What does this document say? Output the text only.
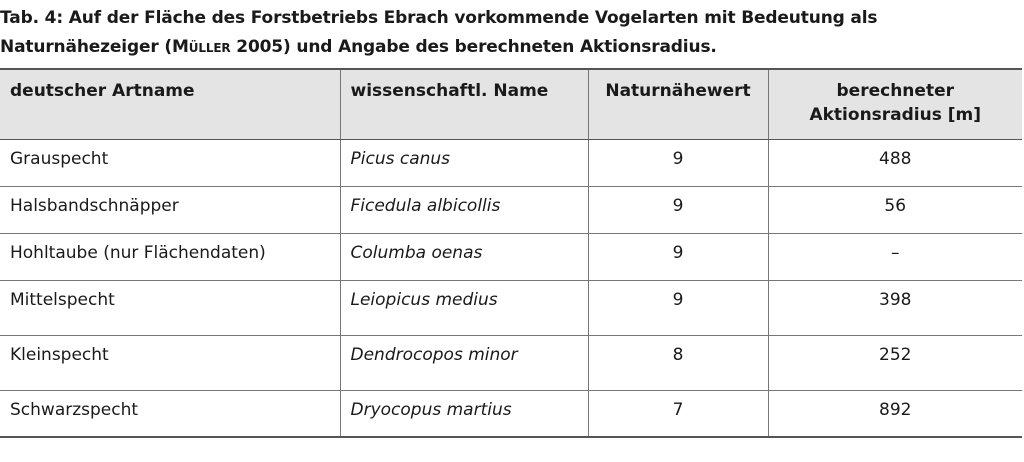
Tab. 4: Auf der Fläche des Forstbetriebs Ebrach vorkommende Vogelarten mit Bedeutung als
Naturnähezeiger (Müller 2005) und Angabe des berechneten Aktionsradius.
deutscher Artname	wissenschaftl. Name	Naturnähewert	berechneter
Aktionsradius [m]
Grauspecht	Picus canus	9	488
Halsbandschnäpper	Ficedula albicollis	9	56
Hohltaube (nur Flächendaten)	Columba oenas	9	–
Mittelspecht	Leiopicus medius	9	398
Kleinspecht	Dendrocopos minor	8	252
Schwarzspecht	Dryocopus martius	7	892
